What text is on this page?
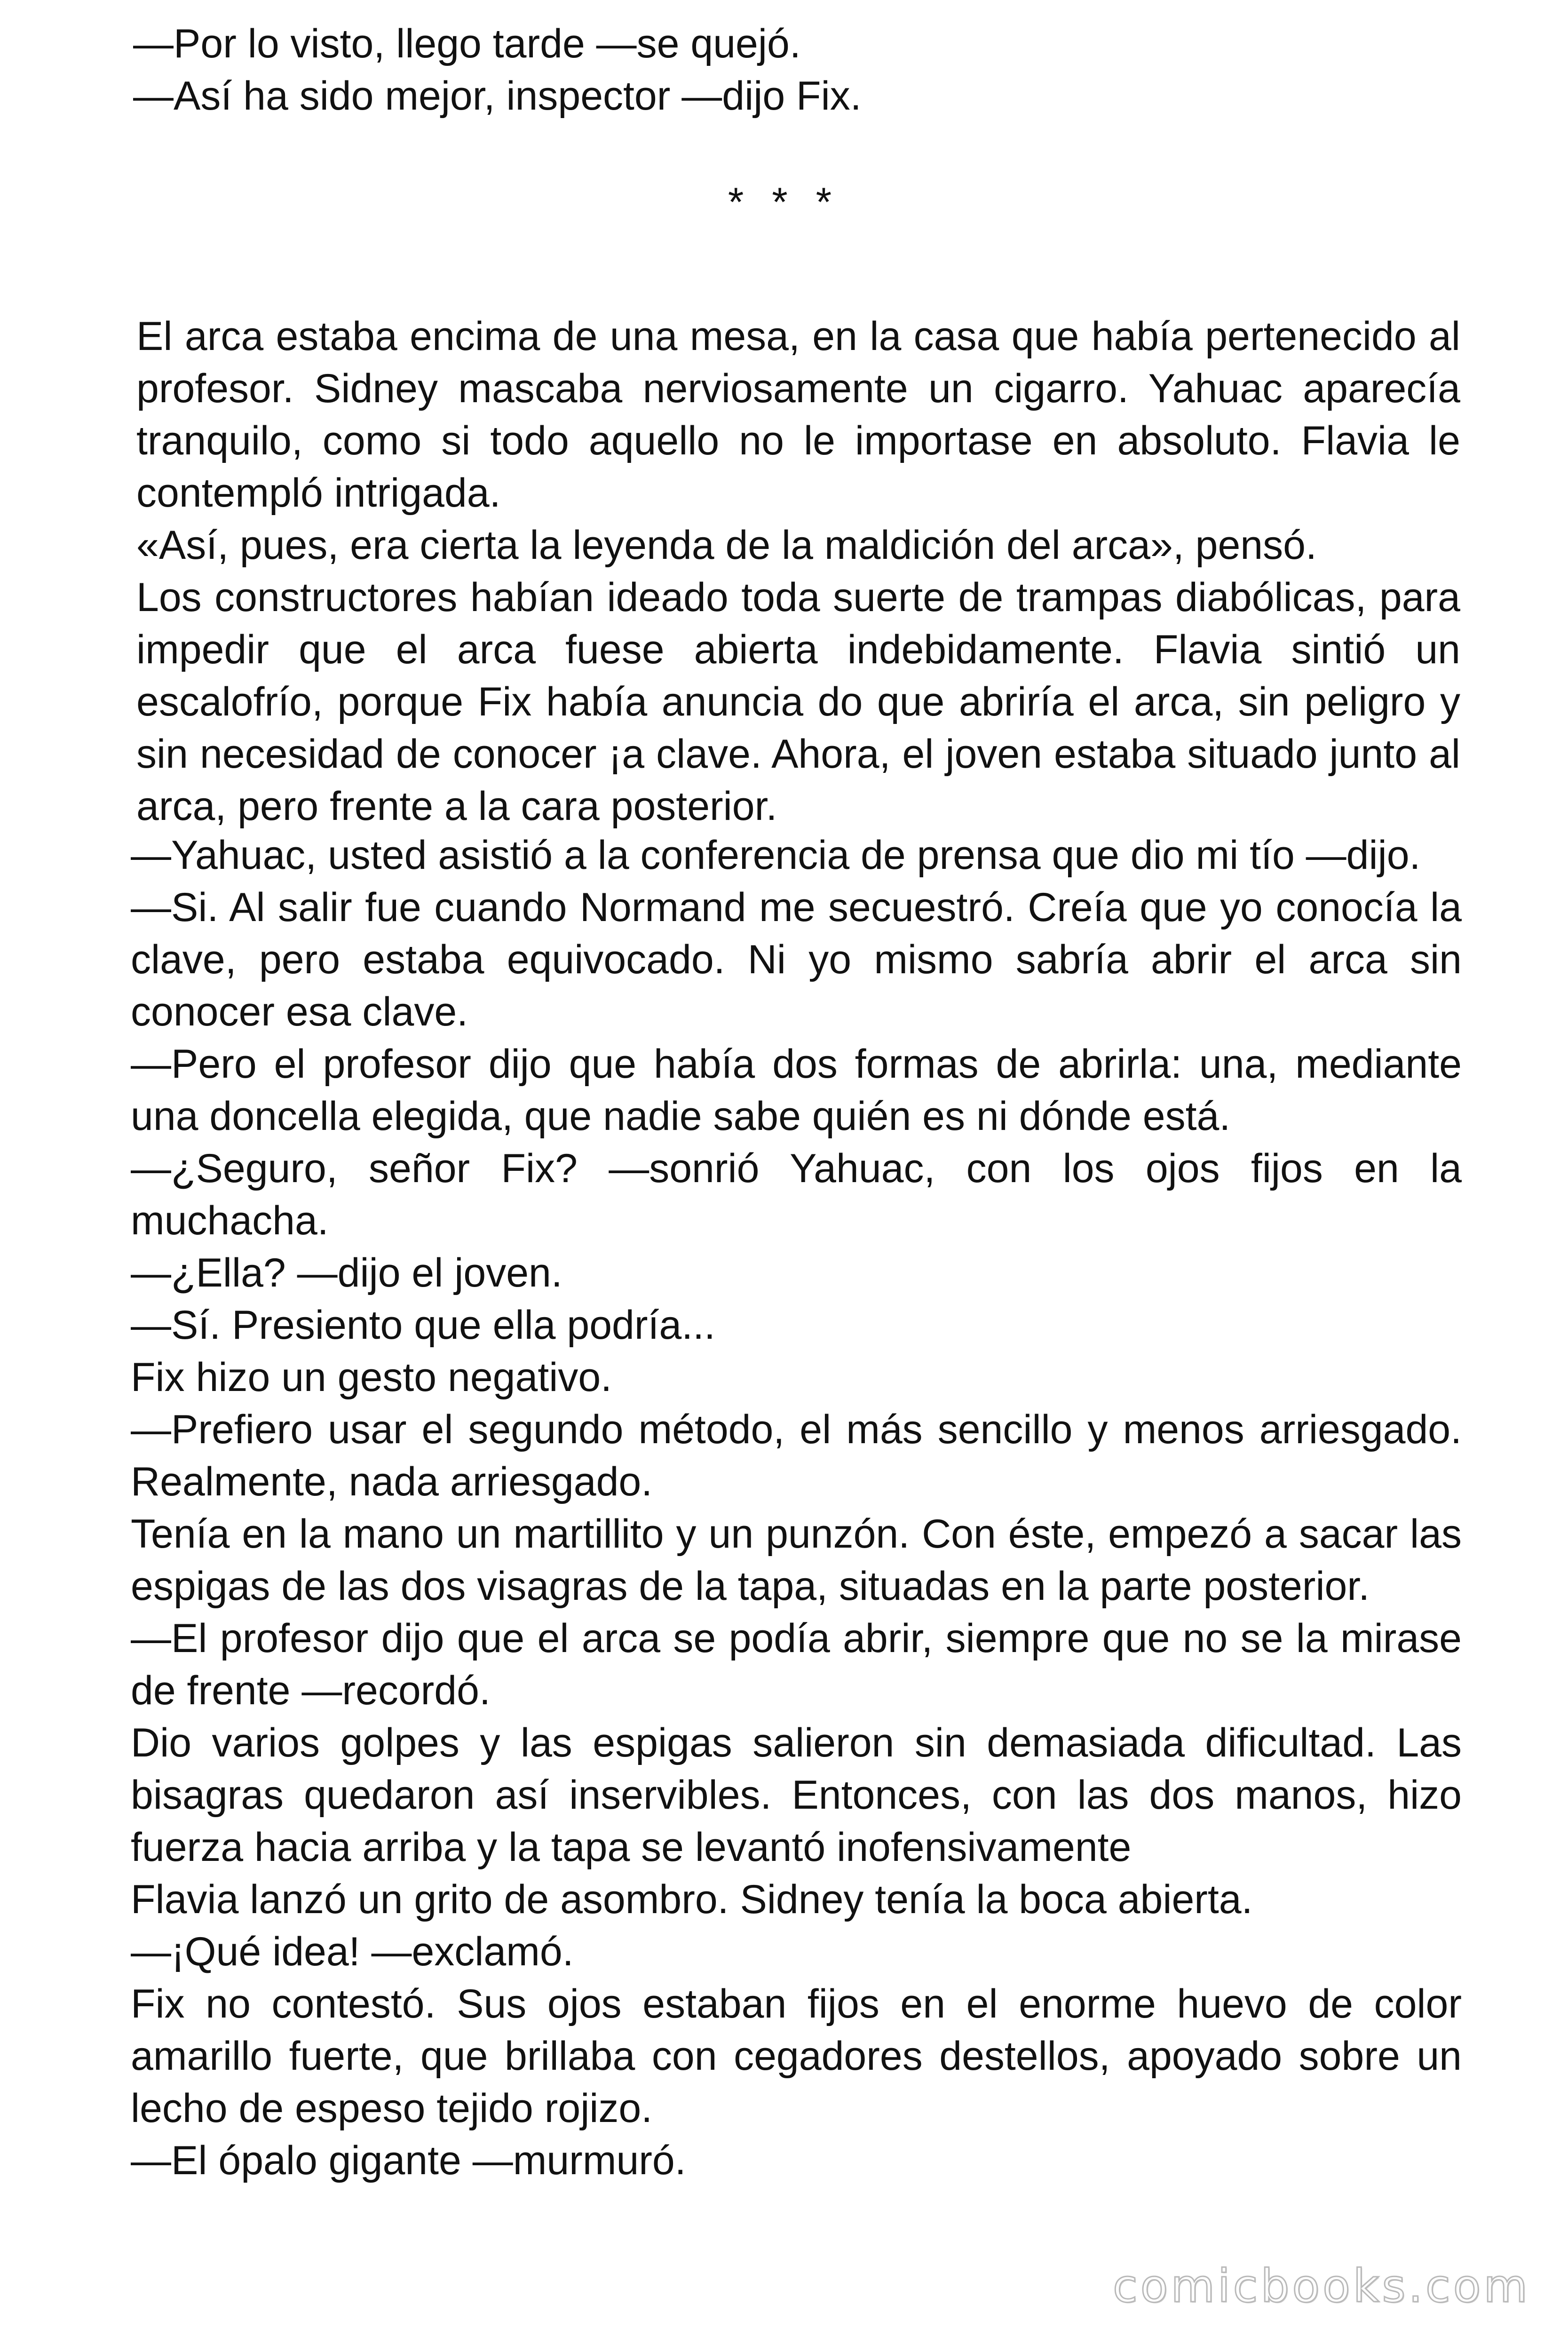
—Por lo visto, llego tarde —se quejó.

—Así ha sido mejor, inspector —dijo Fix.

* * *

El arca estaba encima de una mesa, en la casa que había pertenecido al profesor. Sidney mascaba nerviosamente un cigarro. Yahuac aparecía tranquilo, como si todo aquello no le importase en absoluto. Flavia le contempló intrigada.

«Así, pues, era cierta la leyenda de la maldición del arca», pensó.

Los constructores habían ideado toda suerte de trampas diabólicas, para impedir que el arca fuese abierta indebidamente. Flavia sintió un escalofrío, porque Fix había anuncia do que abriría el arca, sin peligro y sin necesidad de conocer ¡a clave. Ahora, el joven estaba situado junto al arca, pero frente a la cara posterior.

—Yahuac, usted asistió a la conferencia de prensa que dio mi tío —dijo.

—Si. Al salir fue cuando Normand me secuestró. Creía que yo conocía la clave, pero estaba equivocado. Ni yo mismo sabría abrir el arca sin conocer esa clave.

—Pero el profesor dijo que había dos formas de abrirla: una, mediante una doncella elegida, que nadie sabe quién es ni dónde está.

—¿Seguro, señor Fix? —sonrió Yahuac, con los ojos fijos en la muchacha.

—¿Ella? —dijo el joven.

—Sí. Presiento que ella podría...

Fix hizo un gesto negativo.

—Prefiero usar el segundo método, el más sencillo y menos arriesgado. Realmente, nada arriesgado.

Tenía en la mano un martillito y un punzón. Con éste, empezó a sacar las espigas de las dos visagras de la tapa, situadas en la parte posterior.

—El profesor dijo que el arca se podía abrir, siempre que no se la mirase de frente —recordó.

Dio varios golpes y las espigas salieron sin demasiada dificultad. Las bisagras quedaron así inservibles. Entonces, con las dos manos, hizo fuerza hacia arriba y la tapa se levantó inofensivamente

Flavia lanzó un grito de asombro. Sidney tenía la boca abierta.

—¡Qué idea! —exclamó.

Fix no contestó. Sus ojos estaban fijos en el enorme huevo de color amarillo fuerte, que brillaba con cegadores destellos, apoyado sobre un lecho de espeso tejido rojizo.

—El ópalo gigante —murmuró.

comicbooks.com
